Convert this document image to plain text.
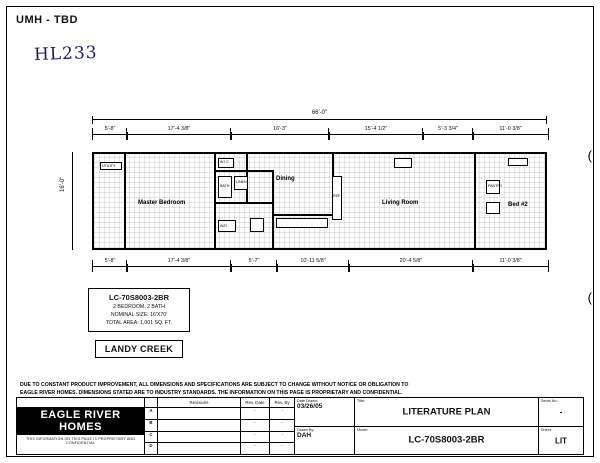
UMH - TBD
HL233
66'-0"
5'-8"	17'-4 3/8"	16'-3"	15'-4 1/2"	5'-3 3/4"	11'-0 3/8"
16'-0"
Master Bedroom
Dining
Living Room	Bed #2
UTILITY
W.I.C.
BATH
LINEN
W/D
REF.
PANTRY
5'-8"	17'-4 3/8"	5'-7"	10'-11 5/8"	20'-4 5/8"	11'-0 3/8"
LC-70S8003-2BR
2 BEDROOM, 2 BATH
NOMINAL SIZE: 16'X70'
TOTAL AREA: 1,001 SQ. FT.
LANDY CREEK
DUE TO CONSTANT PRODUCT IMPROVEMENT, ALL DIMENSIONS AND SPECIFICATIONS ARE SUBJECT TO CHANGE WITHOUT NOTICE OR OBLIGATION TO EAGLE RIVER HOMES. DIMENSIONS STATED ARE TO INDUSTRY STANDARDS. THE INFORMATION ON THIS PAGE IS PROPRIETARY AND CONFIDENTIAL.
(
(
EAGLE RIVER HOMES
THIS INFORMATION ON THIS PAGE IS PROPRIETARY AND CONFIDENTIAL
Revisions	Rev. Date	Rev. By
A	-	-
B	-	-
C	-	-
D	-	-
Date Drawn:
03/26/05
Drawn By:
DAH
Title:
LITERATURE PLAN
Model:
LC-70S8003-2BR
Serial No.:
-
Sheet:
LIT
